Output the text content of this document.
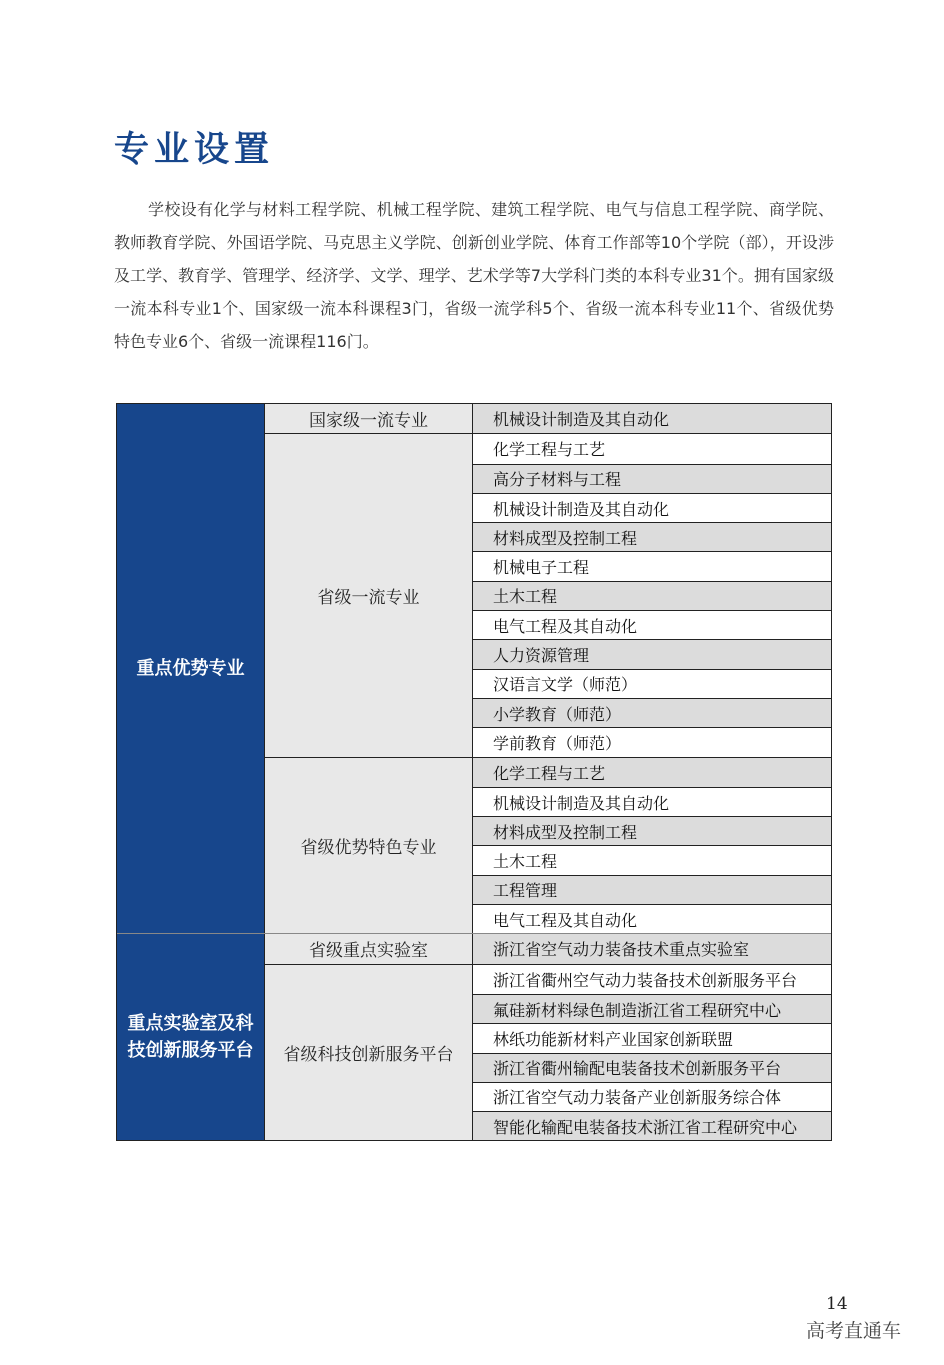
专业设置
学校设有化学与材料工程学院、机械工程学院、建筑工程学院、电气与信息工程学院、商学院、教师教育学院、外国语学院、马克思主义学院、创新创业学院、体育工作部等10个学院（部），开设涉及工学、教育学、管理学、经济学、文学、理学、艺术学等7大学科门类的本科专业31个。拥有国家级一流本科专业1个、国家级一流本科课程3门，省级一流学科5个、省级一流本科专业11个、省级优势特色专业6个、省级一流课程116门。
重点优势专业
国家级一流专业	机械设计制造及其自动化
省级一流专业
化学工程与工艺
高分子材料与工程
机械设计制造及其自动化
材料成型及控制工程
机械电子工程
土木工程
电气工程及其自动化
人力资源管理
汉语言文学（师范）
小学教育（师范）
学前教育（师范）
省级优势特色专业
化学工程与工艺
机械设计制造及其自动化
材料成型及控制工程
土木工程
工程管理
电气工程及其自动化
重点实验室及科技创新服务平台
省级重点实验室	浙江省空气动力装备技术重点实验室
省级科技创新服务平台
浙江省衢州空气动力装备技术创新服务平台
氟硅新材料绿色制造浙江省工程研究中心
林纸功能新材料产业国家创新联盟
浙江省衢州输配电装备技术创新服务平台
浙江省空气动力装备产业创新服务综合体
智能化输配电装备技术浙江省工程研究中心
14
高考直通车
